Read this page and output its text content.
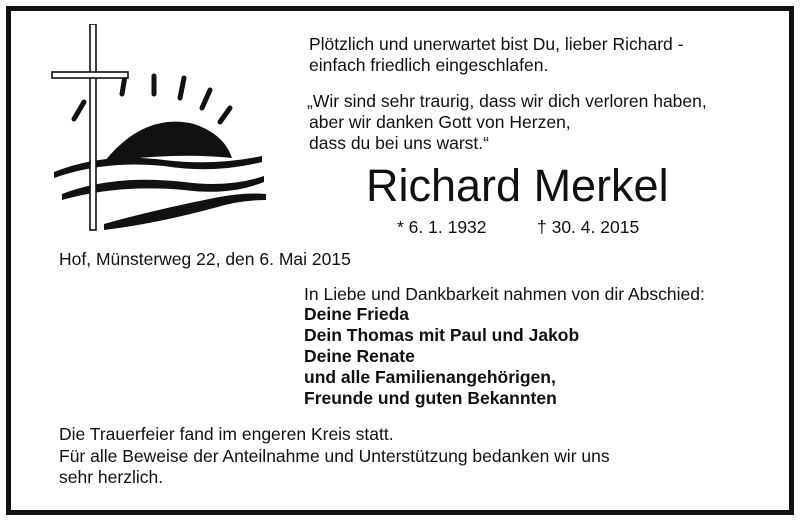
Plötzlich und unerwartet bist Du, lieber Richard -
einfach friedlich eingeschlafen.
„Wir sind sehr traurig, dass wir dich verloren haben,
aber wir danken Gott von Herzen,
dass du bei uns warst.“
Richard Merkel
* 6. 1. 1932	† 30. 4. 2015
Hof, Münsterweg 22, den 6. Mai 2015
In Liebe und Dankbarkeit nahmen von dir Abschied:
Deine Frieda
Dein Thomas mit Paul und Jakob
Deine Renate
und alle Familienangehörigen,
Freunde und guten Bekannten
Die Trauerfeier fand im engeren Kreis statt.
Für alle Beweise der Anteilnahme und Unterstützung bedanken wir uns
sehr herzlich.
